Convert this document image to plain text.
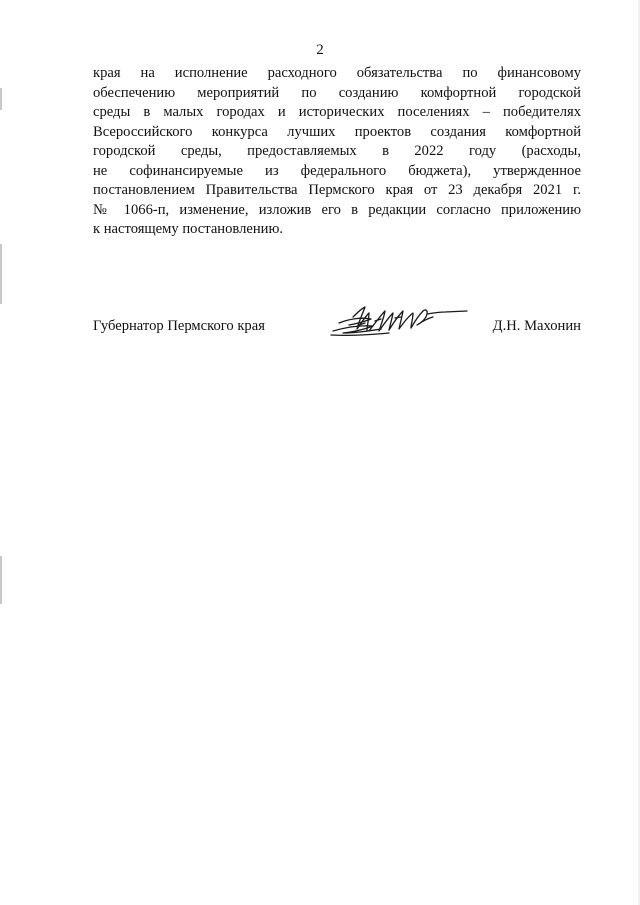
2

края на исполнение расходного обязательства по финансовому
обеспечению мероприятий по созданию комфортной городской
среды в малых городах и исторических поселениях – победителях
Всероссийского конкурса лучших проектов создания комфортной
городской среды, предоставляемых в 2022 году (расходы,
не софинансируемые из федерального бюджета), утвержденное
постановлением Правительства Пермского края от 23 декабря 2021 г.
№ 1066-п, изменение, изложив его в редакции согласно приложению
к настоящему постановлению.

Губернатор Пермского края	Д.Н. Махонин
